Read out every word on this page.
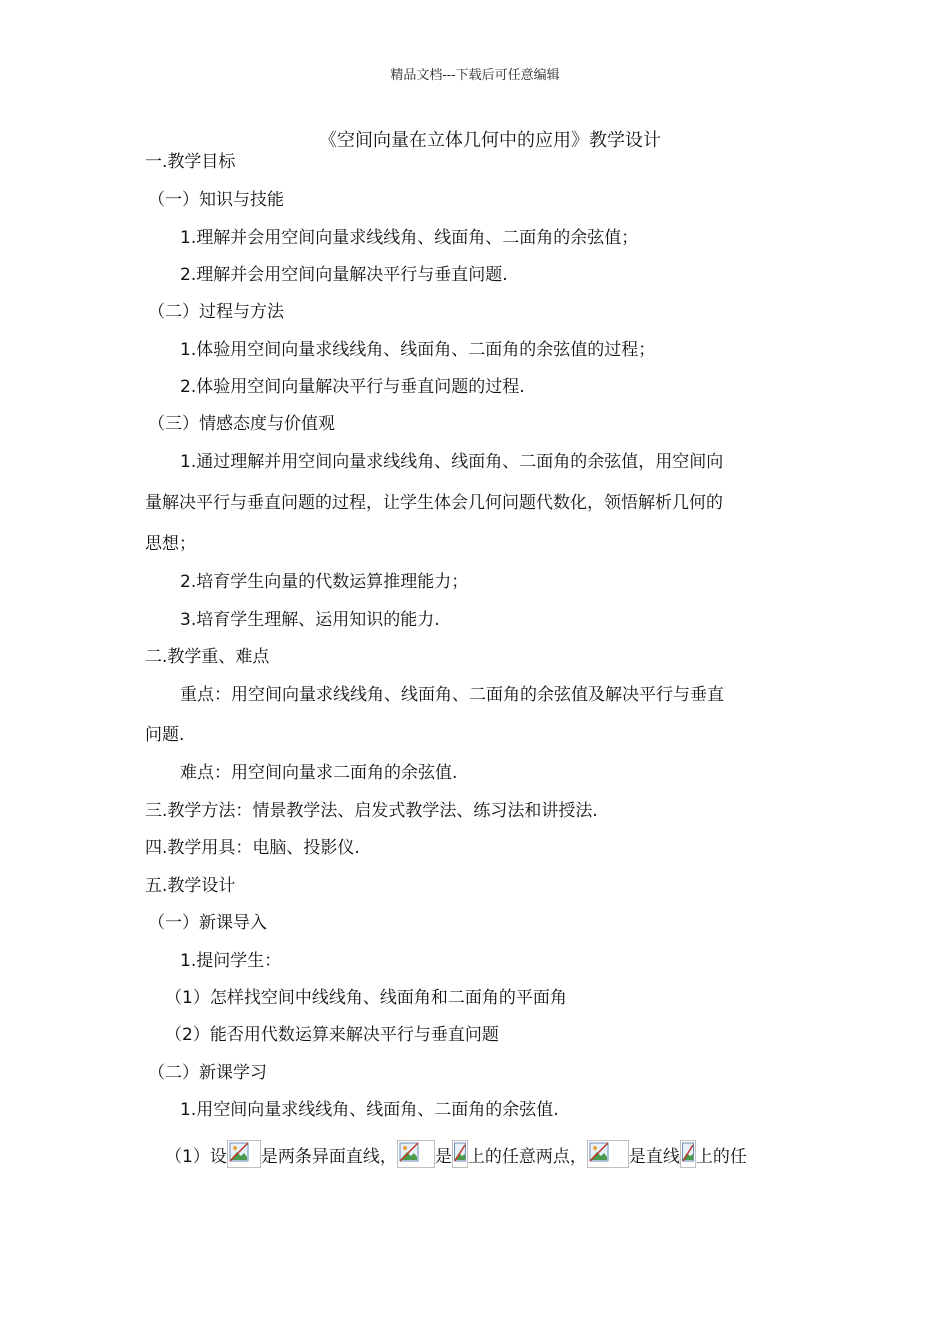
精品文档---下载后可任意编辑
《空间向量在立体几何中的应用》教学设计
一.教学目标
（一）知识与技能
1.理解并会用空间向量求线线角、线面角、二面角的余弦值；
2.理解并会用空间向量解决平行与垂直问题.
（二）过程与方法
1.体验用空间向量求线线角、线面角、二面角的余弦值的过程；
2.体验用空间向量解决平行与垂直问题的过程.
（三）情感态度与价值观
1.通过理解并用空间向量求线线角、线面角、二面角的余弦值，用空间向
量解决平行与垂直问题的过程，让学生体会几何问题代数化，领悟解析几何的
思想；
2.培育学生向量的代数运算推理能力；
3.培育学生理解、运用知识的能力.
二.教学重、难点
重点：用空间向量求线线角、线面角、二面角的余弦值及解决平行与垂直
问题.
难点：用空间向量求二面角的余弦值.
三.教学方法：情景教学法、启发式教学法、练习法和讲授法.
四.教学用具：电脑、投影仪.
五.教学设计
（一）新课导入
1.提问学生：
（1）怎样找空间中线线角、线面角和二面角的平面角
（2）能否用代数运算来解决平行与垂直问题
（二）新课学习
1.用空间向量求线线角、线面角、二面角的余弦值.
（1）设 是两条异面直线， 是 上的任意两点， 是直线 上的任
